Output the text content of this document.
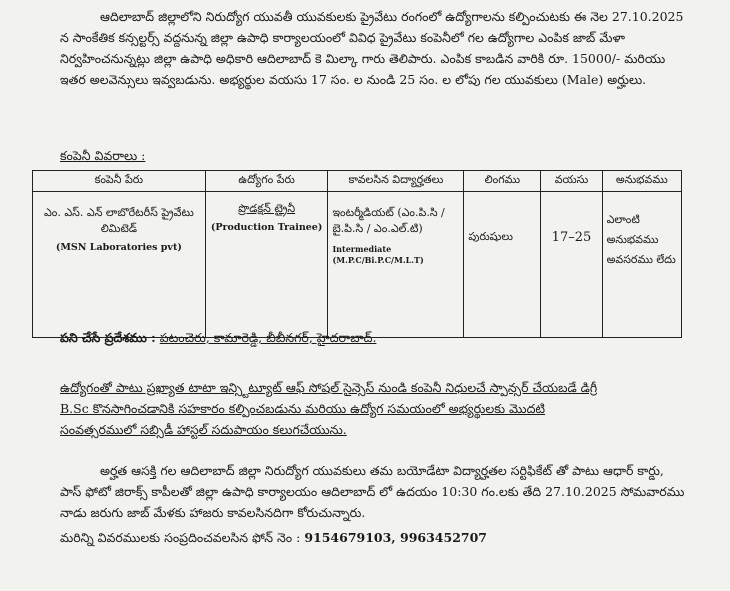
ఆదిలాబాద్ జిల్లాలోని నిరుద్యోగ యువతీ యువకులకు ప్రైవేటు రంగంలో ఉద్యోగాలను కల్పించుటకు ఈ నెల 27.10.2025 న సాంకేతిక కన్సల్టర్స్ వద్దనున్న జిల్లా ఉపాధి కార్యాలయంలో వివిధ ప్రైవేటు కంపెనీలో గల ఉద్యోగాల ఎంపిక జాబ్ మేళా నిర్వహించనున్నట్లు జిల్లా ఉపాధి అధికారి ఆదిలాబాద్ కె మిల్కా గారు తెలిపారు. ఎంపిక కాబడిన వారికి రూ. 15000/- మరియు ఇతర అలవెన్సులు ఇవ్వబడును. అభ్యర్థుల వయసు 17 సం. ల నుండి 25 సం. ల లోపు గల యువకులు (Male) అర్హులు.
కంపెనీ వివరాలు :
కంపెనీ పేరు	ఉద్యోగం పేరు	కావలసిన విద్యార్హతలు	లింగము	వయసు	అనుభవము
ఎం. ఎస్. ఎన్ లాబొరేటరీస్ ప్రైవేటు లిమిటెడ్
(MSN Laboratories pvt)	ప్రొడక్షన్ ట్రైనీ
(Production Trainee)	ఇంటర్మీడియట్ (ఎం.పి.సి / బై.పి.సి / ఎం.ఎల్.టి)
Intermediate
(M.P.C/Bi.P.C/M.L.T)	పురుషులు	17–25	ఎలాంటి అనుభవము అవసరము లేదు
పని చేసే ప్రదేశము : పటంచెరు, కామారెడ్డి, బీబీనగర్, హైదరాబాద్.
ఉద్యోగంతో పాటు ప్రఖ్యాత టాటా ఇన్స్టిట్యూట్ ఆఫ్ సోషల్ సైన్సెస్ నుండి కంపెనీ నిధులచే స్పాన్సర్ చేయబడే డిగ్రీ B.Sc కొనసాగించడానికి సహకారం కల్పించబడును మరియు ఉద్యోగ సమయంలో అభ్యర్థులకు మొదటి సంవత్సరములో సబ్సిడీ హాస్టల్ సదుపాయం కలుగచేయును.
అర్హత ఆసక్తి గల ఆదిలాబాద్ జిల్లా నిరుద్యోగ యువకులు తమ బయోడేటా విద్యార్హతల సర్టిఫికేట్ తో పాటు ఆధార్ కార్డు, పాస్ ఫోటో జిరాక్స్ కాపీలతో జిల్లా ఉపాధి కార్యాలయం ఆదిలాబాద్ లో ఉదయం 10:30 గం.లకు తేది 27.10.2025 సోమవారము నాడు జరుగు జాబ్ మేళకు హాజరు కావలసినదిగా కోరుచున్నారు.
మరిన్ని వివరములకు సంప్రదించవలసిన ఫోన్ నెం : 9154679103, 9963452707
